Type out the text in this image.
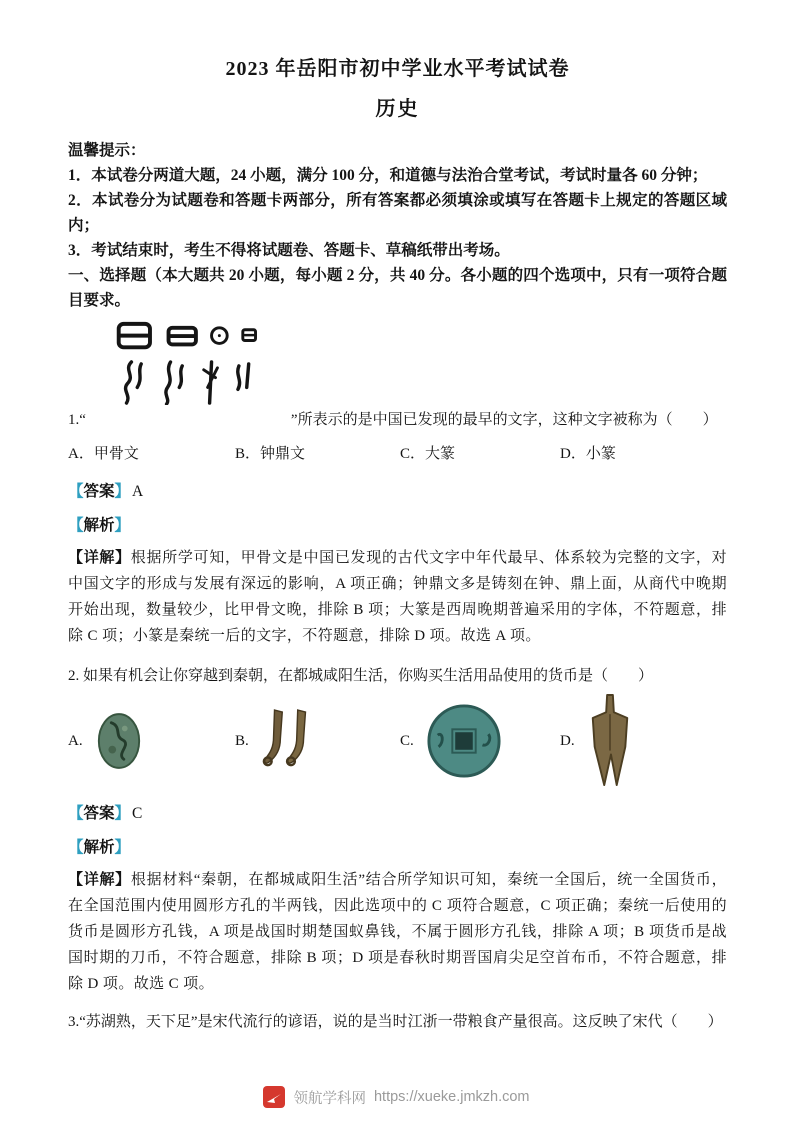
2023 年岳阳市初中学业水平考试试卷
历史
温馨提示：
1．本试卷分两道大题，24 小题，满分 100 分，和道德与法治合堂考试，考试时量各 60 分钟；
2．本试卷分为试题卷和答题卡两部分，所有答案都必须填涂或填写在答题卡上规定的答题区域内；
3．考试结束时，考生不得将试题卷、答题卡、草稿纸带出考场。
一、选择题（本大题共 20 小题，每小题 2 分，共 40 分。各小题的四个选项中，只有一项符合题目要求。
1.“	”所表示的是中国已发现的最早的文字，这种文字被称为（　　）
A．甲骨文	B．钟鼎文	C．大篆	D．小篆
【答案】 A
【解析】
【详解】根据所学可知，甲骨文是中国已发现的古代文字中年代最早、体系较为完整的文字，对中国文字的形成与发展有深远的影响，A 项正确；钟鼎文多是铸刻在钟、鼎上面，从商代中晚期开始出现，数量较少，比甲骨文晚，排除 B 项；大篆是西周晚期普遍采用的字体，不符题意，排除 C 项；小篆是秦统一后的文字，不符题意，排除 D 项。故选 A 项。
2. 如果有机会让你穿越到秦朝，在都城咸阳生活，你购买生活用品使用的货币是（　　）
A.	B.	C.	D.
【答案】 C
【解析】
【详解】根据材料“秦朝，在都城咸阳生活”结合所学知识可知，秦统一全国后，统一全国货币，在全国范围内使用圆形方孔的半两钱，因此选项中的 C 项符合题意，C 项正确；秦统一后使用的货币是圆形方孔钱，A 项是战国时期楚国蚁鼻钱，不属于圆形方孔钱，排除 A 项；B 项货币是战国时期的刀币，不符合题意，排除 B 项；D 项是春秋时期晋国肩尖足空首布币，不符合题意，排除 D 项。故选 C 项。
3.“苏湖熟，天下足”是宋代流行的谚语，说的是当时江浙一带粮食产量很高。这反映了宋代（　　）
领航学科网 https://xueke.jmkzh.com
